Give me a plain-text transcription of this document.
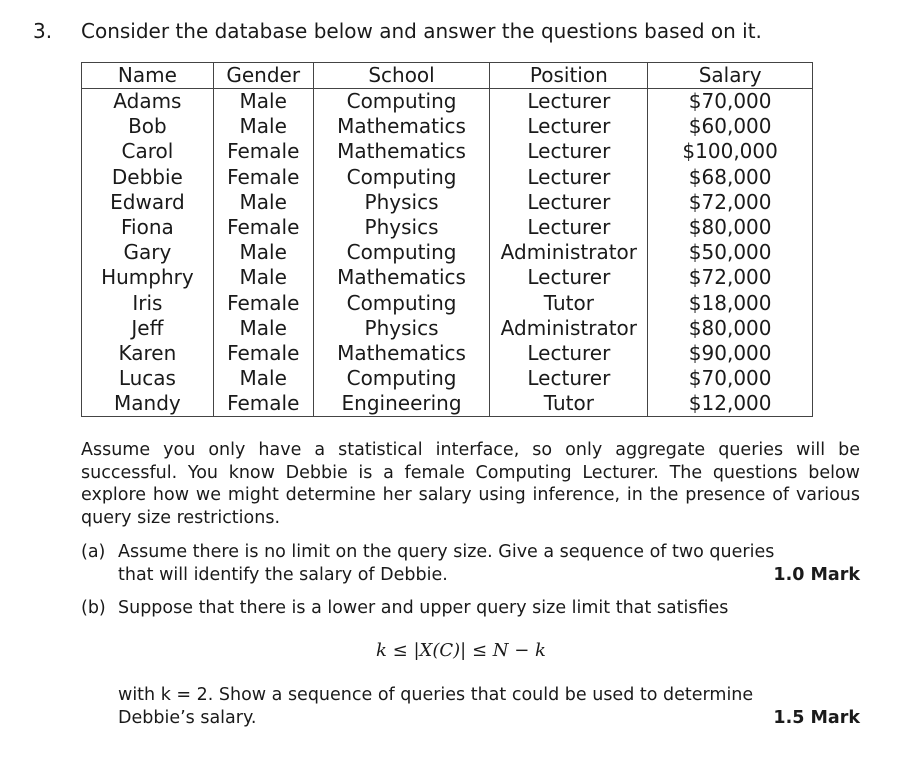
3. Consider the database below and answer the questions based on it.
Name	Gender	School	Position	Salary
Adams	Male	Computing	Lecturer	$70,000
Bob	Male	Mathematics	Lecturer	$60,000
Carol	Female	Mathematics	Lecturer	$100,000
Debbie	Female	Computing	Lecturer	$68,000
Edward	Male	Physics	Lecturer	$72,000
Fiona	Female	Physics	Lecturer	$80,000
Gary	Male	Computing	Administrator	$50,000
Humphry	Male	Mathematics	Lecturer	$72,000
Iris	Female	Computing	Tutor	$18,000
Jeff	Male	Physics	Administrator	$80,000
Karen	Female	Mathematics	Lecturer	$90,000
Lucas	Male	Computing	Lecturer	$70,000
Mandy	Female	Engineering	Tutor	$12,000
Assume you only have a statistical interface, so only aggregate queries will be successful. You know Debbie is a female Computing Lecturer. The questions below explore how we might determine her salary using inference, in the presence of various query size restrictions.
(a) Assume there is no limit on the query size. Give a sequence of two queries
that will identify the salary of Debbie.	1.0 Mark
(b) Suppose that there is a lower and upper query size limit that satisfies
k ≤ |X(C)| ≤ N − k
with k = 2. Show a sequence of queries that could be used to determine
Debbie’s salary.	1.5 Mark
